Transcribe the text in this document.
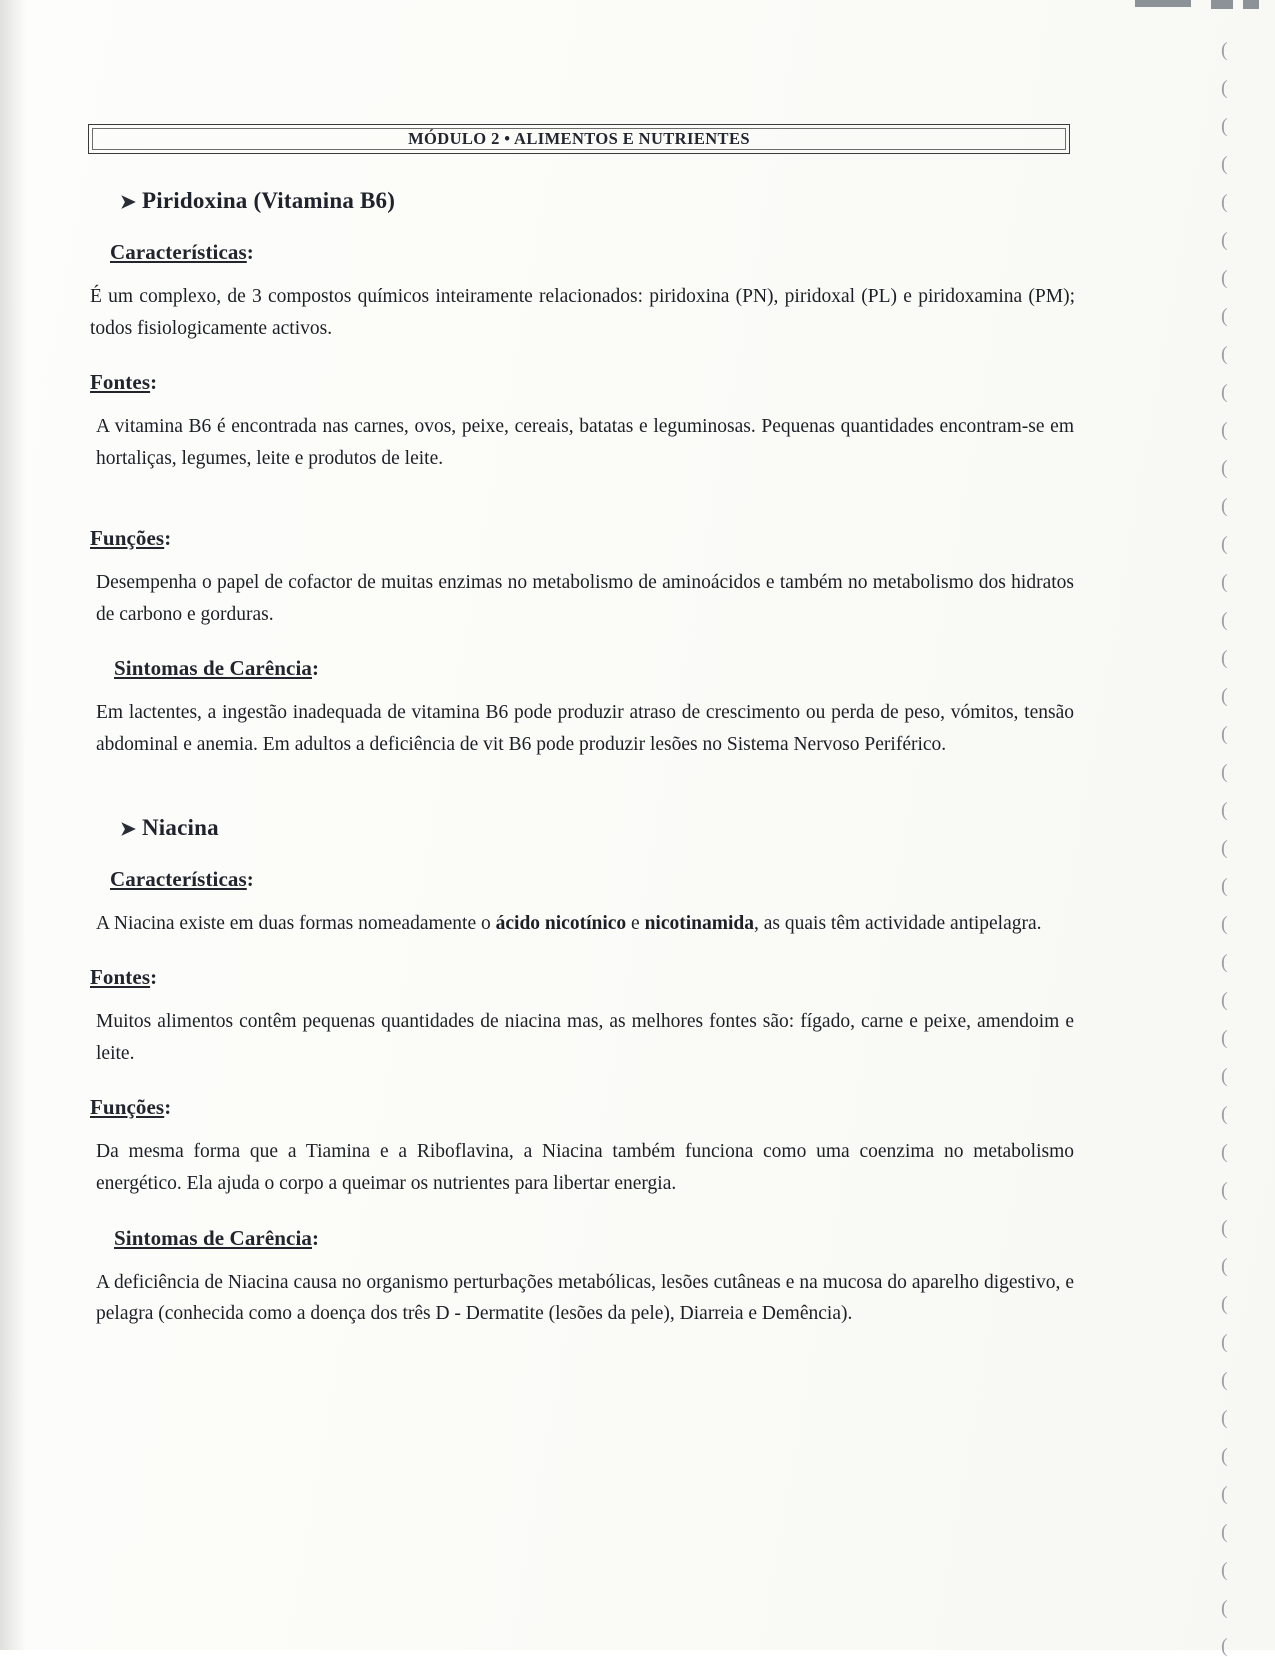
(
(
(
(
(
(
(
(
(
(
(
(
(
(
(
(
(
(
(
(
(
(
(
(
(
(
(
(
(
(
(
(
(
(
(
(
(
(
(
(
(
(
(
MÓDULO 2 • ALIMENTOS E NUTRIENTES
➤ Piridoxina (Vitamina B6)
Características:

É um complexo, de 3 compostos químicos inteiramente relacionados: piridoxina (PN), piridoxal (PL) e piridoxamina (PM); todos fisiologicamente activos.

Fontes:

A vitamina B6 é encontrada nas carnes, ovos, peixe, cereais, batatas e leguminosas. Pequenas quantidades encontram-se em hortaliças, legumes, leite e produtos de leite.

Funções:

Desempenha o papel de cofactor de muitas enzimas no metabolismo de aminoácidos e também no metabolismo dos hidratos de carbono e gorduras.

Sintomas de Carência:

Em lactentes, a ingestão inadequada de vitamina B6 pode produzir atraso de crescimento ou perda de peso, vómitos, tensão abdominal e anemia. Em adultos a deficiência de vit B6 pode produzir lesões no Sistema Nervoso Periférico.

➤ Niacina
Características:

A Niacina existe em duas formas nomeadamente o ácido nicotínico e nicotinamida, as quais têm actividade antipelagra.

Fontes:

Muitos alimentos contêm pequenas quantidades de niacina mas, as melhores fontes são: fígado, carne e peixe, amendoim e leite.

Funções:

Da mesma forma que a Tiamina e a Riboflavina, a Niacina também funciona como uma coenzima no metabolismo energético. Ela ajuda o corpo a queimar os nutrientes para libertar energia.

Sintomas de Carência:

A deficiência de Niacina causa no organismo perturbações metabólicas, lesões cutâneas e na mucosa do aparelho digestivo, e pelagra (conhecida como a doença dos três D - Dermatite (lesões da pele), Diarreia e Demência).
